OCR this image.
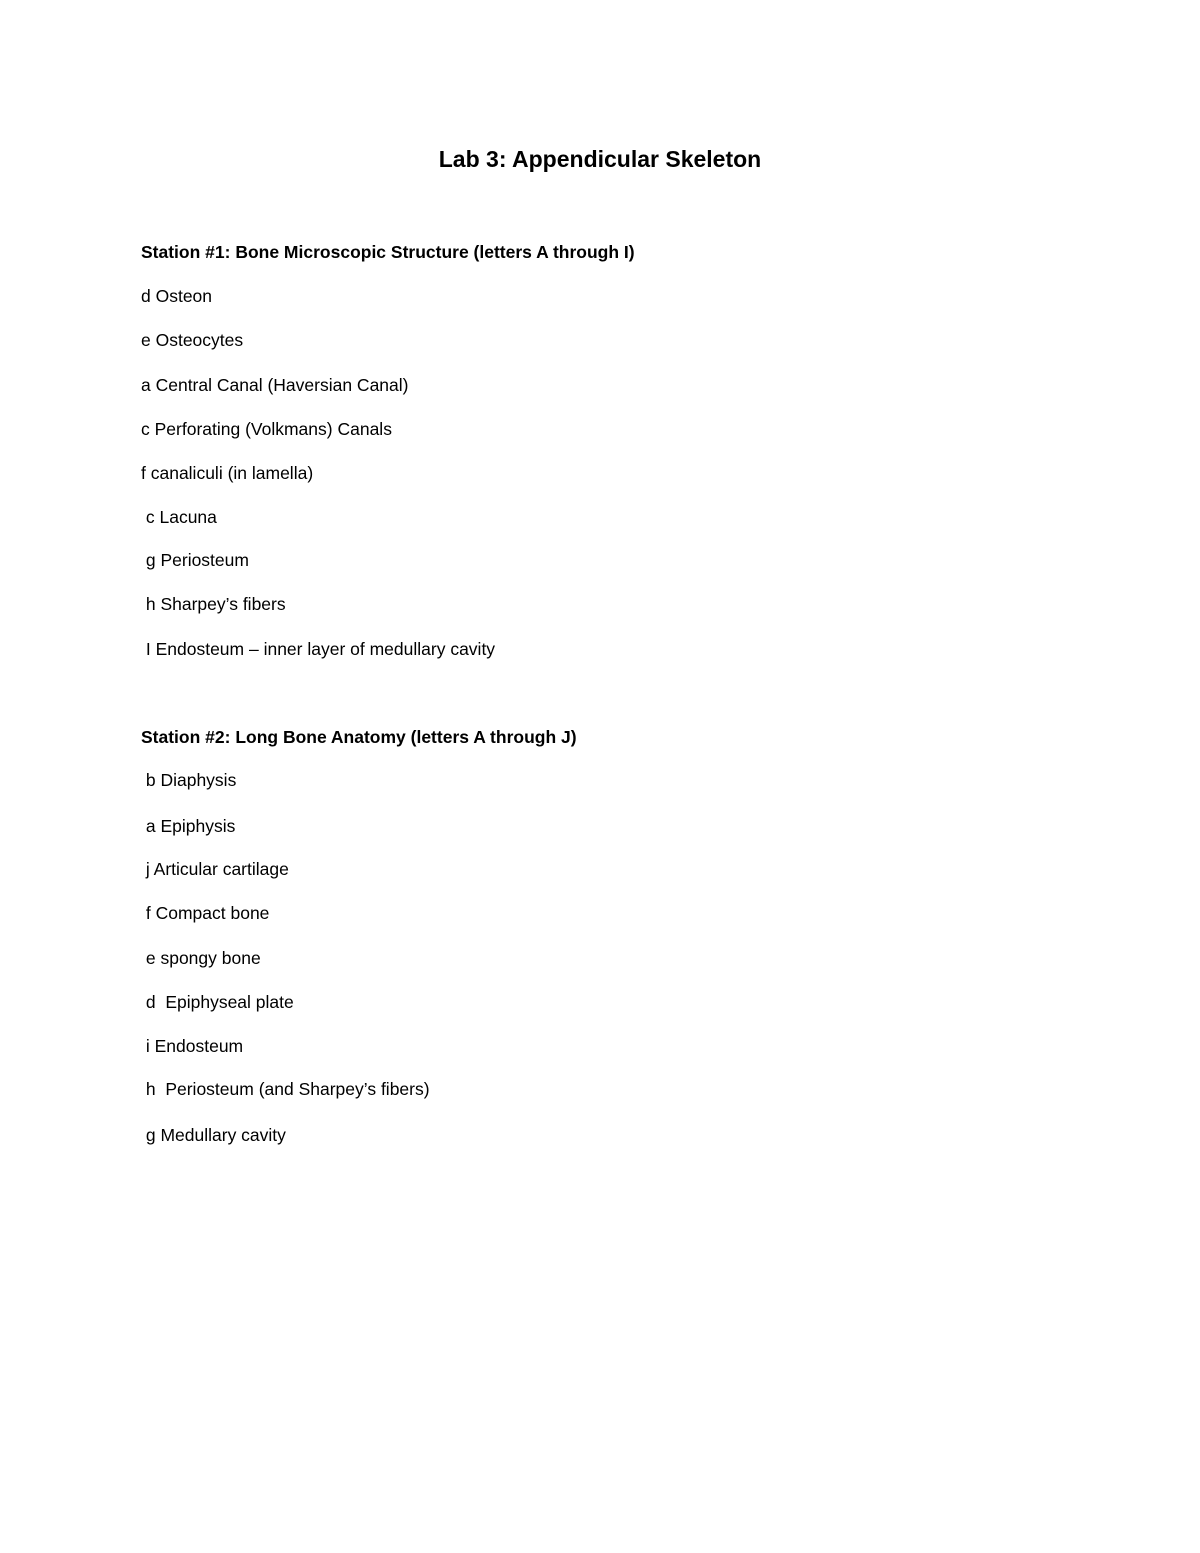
Lab 3: Appendicular Skeleton
Station #1: Bone Microscopic Structure (letters A through I)

d Osteon

e Osteocytes

a Central Canal (Haversian Canal)

c Perforating (Volkmans) Canals

f canaliculi (in lamella)

c Lacuna

g Periosteum

h Sharpey’s fibers

I Endosteum – inner layer of medullary cavity

Station #2: Long Bone Anatomy (letters A through J)

b Diaphysis

a Epiphysis

j Articular cartilage

f Compact bone

e spongy bone

d  Epiphyseal plate

i Endosteum

h  Periosteum (and Sharpey’s fibers)

g Medullary cavity
